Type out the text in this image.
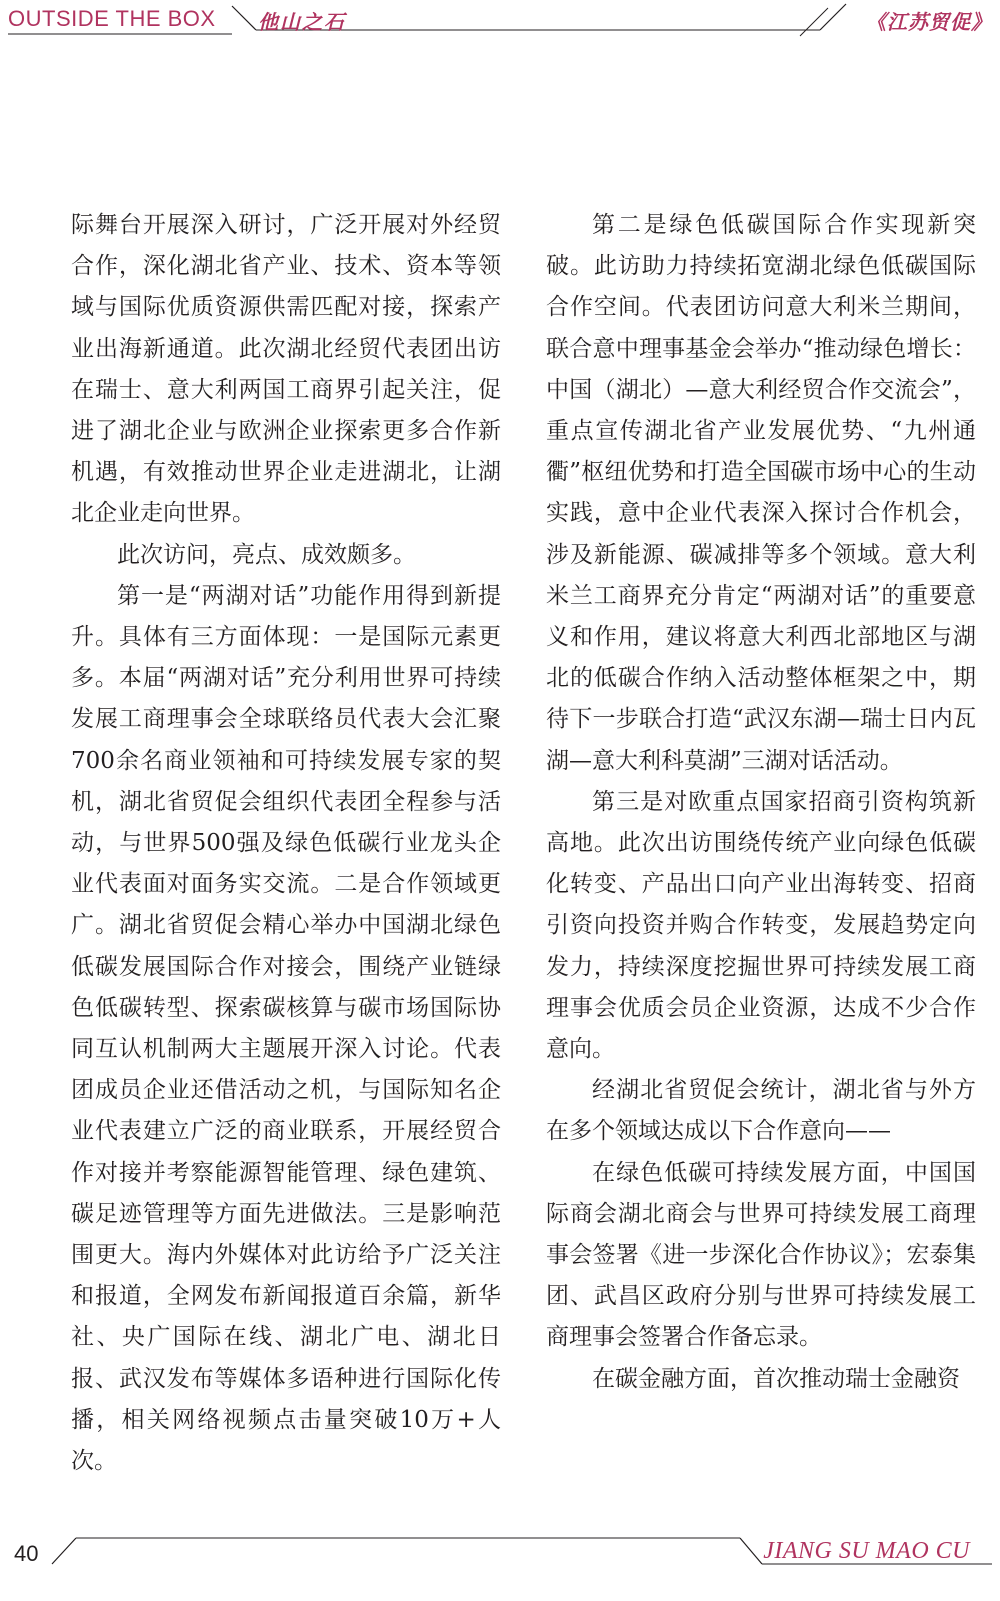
OUTSIDE THE BOX 他山之石	《江苏贸促》

际舞台开展深入研讨，广泛开展对外经贸合作，深化湖北省产业、技术、资本等领域与国际优质资源供需匹配对接，探索产业出海新通道。此次湖北经贸代表团出访在瑞士、意大利两国工商界引起关注，促进了湖北企业与欧洲企业探索更多合作新机遇，有效推动世界企业走进湖北，让湖北企业走向世界。

此次访问，亮点、成效颇多。

第一是“两湖对话”功能作用得到新提升。具体有三方面体现：一是国际元素更多。本届“两湖对话”充分利用世界可持续发展工商理事会全球联络员代表大会汇聚700余名商业领袖和可持续发展专家的契机，湖北省贸促会组织代表团全程参与活动，与世界500强及绿色低碳行业龙头企业代表面对面务实交流。二是合作领域更广。湖北省贸促会精心举办中国湖北绿色低碳发展国际合作对接会，围绕产业链绿色低碳转型、探索碳核算与碳市场国际协同互认机制两大主题展开深入讨论。代表团成员企业还借活动之机，与国际知名企业代表建立广泛的商业联系，开展经贸合作对接并考察能源智能管理、绿色建筑、碳足迹管理等方面先进做法。三是影响范围更大。海内外媒体对此访给予广泛关注和报道，全网发布新闻报道百余篇，新华社、央广国际在线、湖北广电、湖北日报、武汉发布等媒体多语种进行国际化传播，相关网络视频点击量突破10万+人次。

第二是绿色低碳国际合作实现新突破。此访助力持续拓宽湖北绿色低碳国际合作空间。代表团访问意大利米兰期间，联合意中理事基金会举办“推动绿色增长：中国（湖北）—意大利经贸合作交流会”，重点宣传湖北省产业发展优势、“九州通衢”枢纽优势和打造全国碳市场中心的生动实践，意中企业代表深入探讨合作机会，涉及新能源、碳减排等多个领域。意大利米兰工商界充分肯定“两湖对话”的重要意义和作用，建议将意大利西北部地区与湖北的低碳合作纳入活动整体框架之中，期待下一步联合打造“武汉东湖—瑞士日内瓦湖—意大利科莫湖”三湖对话活动。

第三是对欧重点国家招商引资构筑新高地。此次出访围绕传统产业向绿色低碳化转变、产品出口向产业出海转变、招商引资向投资并购合作转变，发展趋势定向发力，持续深度挖掘世界可持续发展工商理事会优质会员企业资源，达成不少合作意向。

经湖北省贸促会统计，湖北省与外方在多个领域达成以下合作意向——

在绿色低碳可持续发展方面，中国国际商会湖北商会与世界可持续发展工商理事会签署《进一步深化合作协议》；宏泰集团、武昌区政府分别与世界可持续发展工商理事会签署合作备忘录。

在碳金融方面，首次推动瑞士金融资

40	JIANG SU MAO CU
